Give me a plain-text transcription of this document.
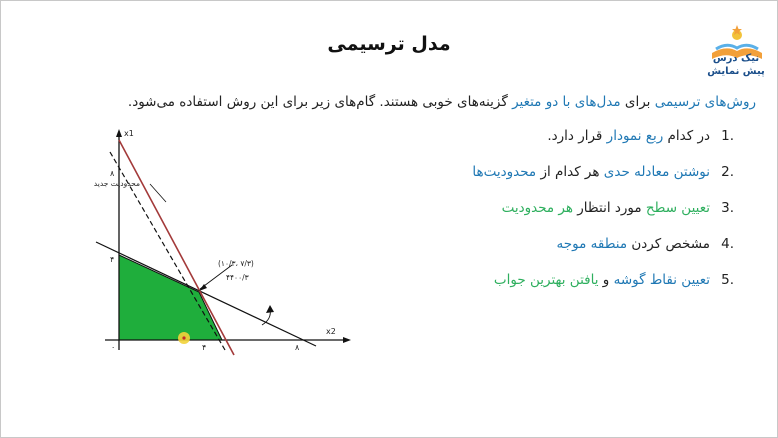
مدل ترسیمی
نیک درس
پیش نمایش
روش‌های ترسیمی برای مدل‌های با دو متغیر گزینه‌های خوبی هستند. گام‌های زیر برای این روش استفاده می‌شود.
1.
در کدام ربع نمودار قرار دارد.
2.
نوشتن معادله حدی هر کدام از محدودیت‌ها
3.
تعیین سطح مورد انتظار هر محدودیت
4.
مشخص کردن منطقه موجه
5.
تعیین نقاط گوشه و یافتن بهترین جواب
x1
x2
۰	۴	۸
۴
۸
محدودیت جدید
(۱۰/۳، ۷/۳)
۴۴۰۰/۳
